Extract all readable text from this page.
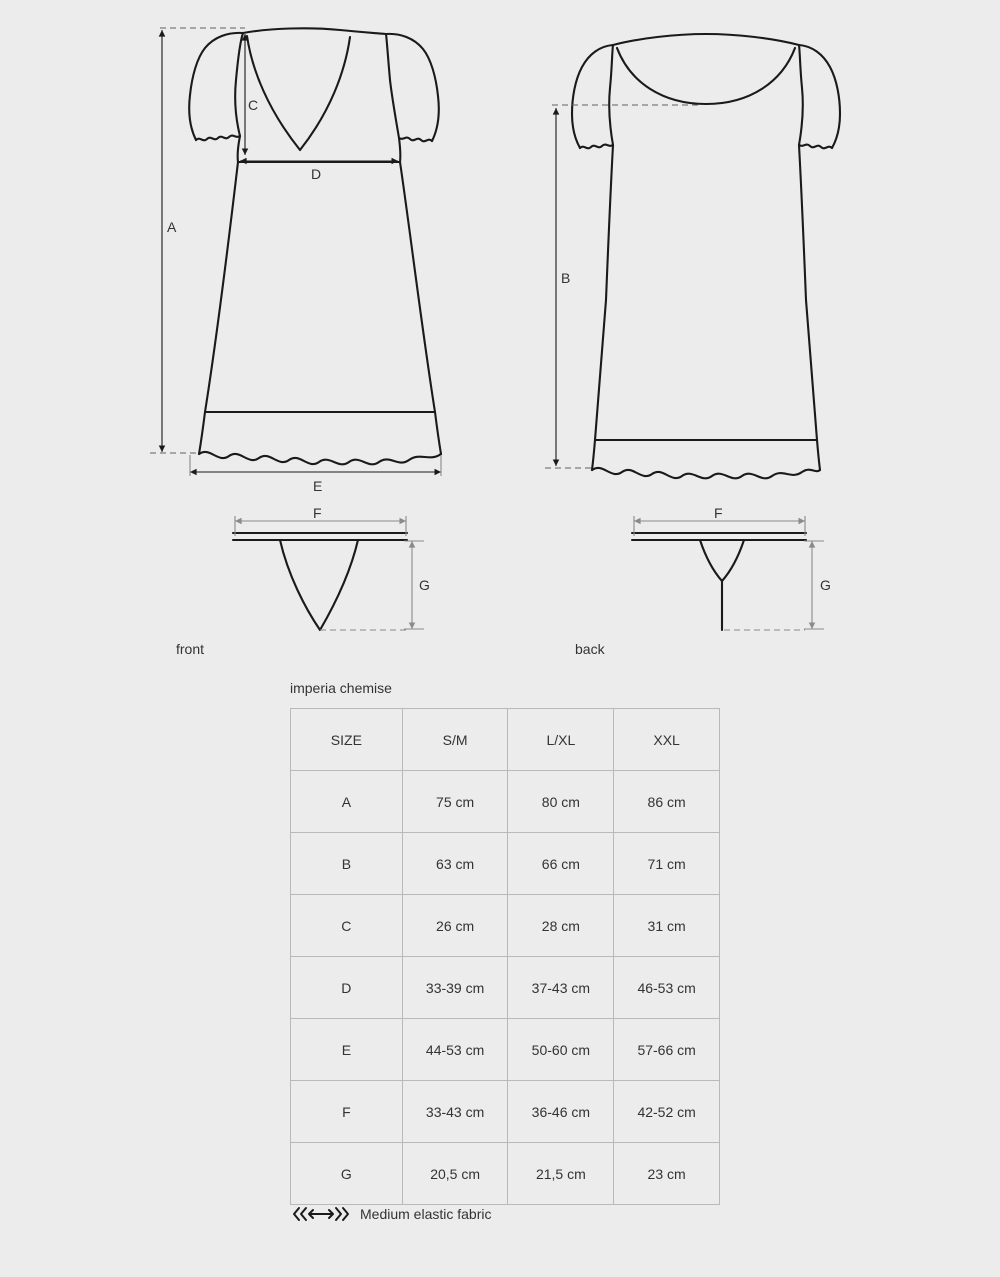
A
C
D
E
B
F
G
F
G
front	back
imperia chemise
SIZE	S/M	L/XL	XXL
A	75 cm	80 cm	86 cm
B	63 cm	66 cm	71 cm
C	26 cm	28 cm	31 cm
D	33-39 cm	37-43 cm	46-53 cm
E	44-53 cm	50-60 cm	57-66 cm
F	33-43 cm	36-46 cm	42-52 cm
G	20,5 cm	21,5 cm	23 cm
Medium elastic fabric
